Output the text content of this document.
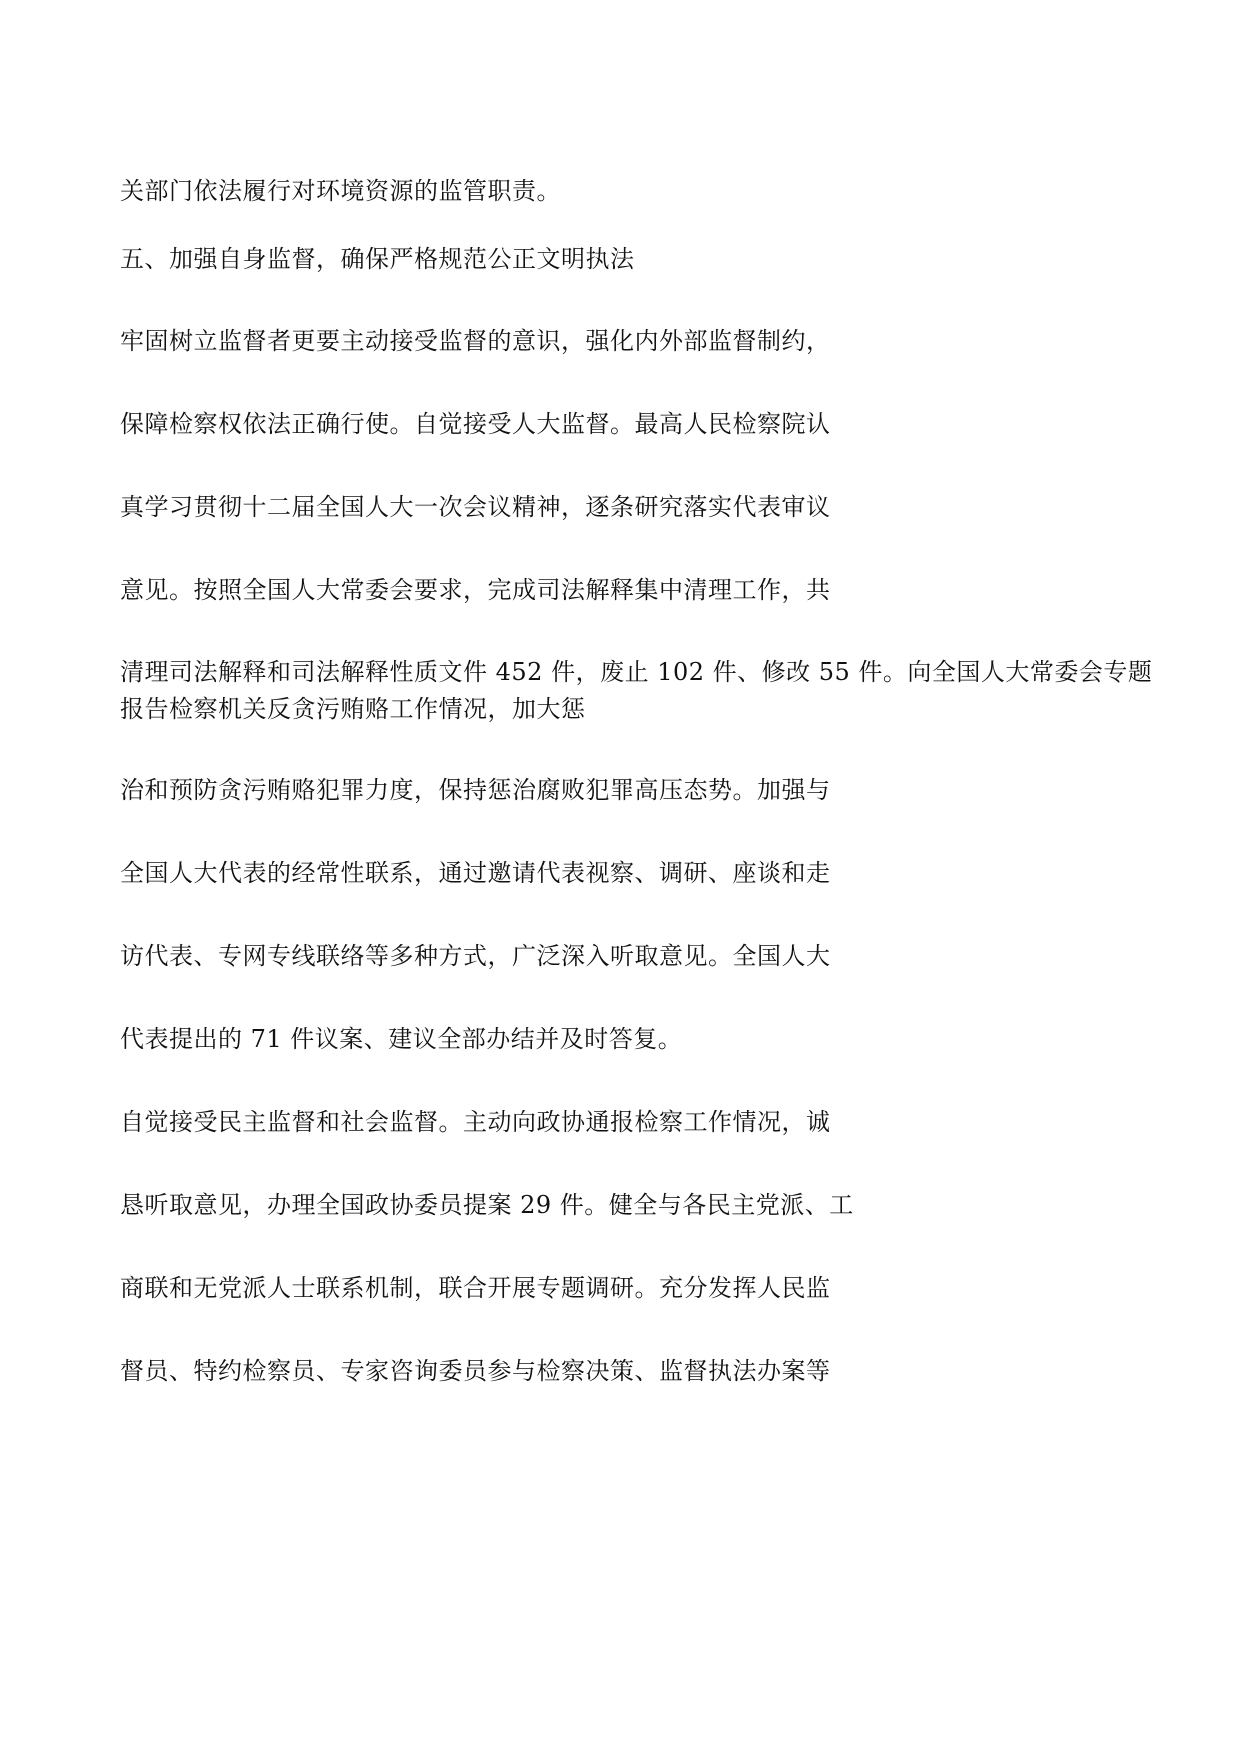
关部门依法履行对环境资源的监管职责。
五、加强自身监督，确保严格规范公正文明执法
牢固树立监督者更要主动接受监督的意识，强化内外部监督制约，
保障检察权依法正确行使。自觉接受人大监督。最高人民检察院认
真学习贯彻十二届全国人大一次会议精神，逐条研究落实代表审议
意见。按照全国人大常委会要求，完成司法解释集中清理工作，共
清理司法解释和司法解释性质文件 452 件，废止 102 件、修改 55 件。向全国人大常委会专题
报告检察机关反贪污贿赂工作情况，加大惩
治和预防贪污贿赂犯罪力度，保持惩治腐败犯罪高压态势。加强与
全国人大代表的经常性联系，通过邀请代表视察、调研、座谈和走
访代表、专网专线联络等多种方式，广泛深入听取意见。全国人大
代表提出的 71 件议案、建议全部办结并及时答复。
自觉接受民主监督和社会监督。主动向政协通报检察工作情况，诚
恳听取意见，办理全国政协委员提案 29 件。健全与各民主党派、工
商联和无党派人士联系机制，联合开展专题调研。充分发挥人民监
督员、特约检察员、专家咨询委员参与检察决策、监督执法办案等
